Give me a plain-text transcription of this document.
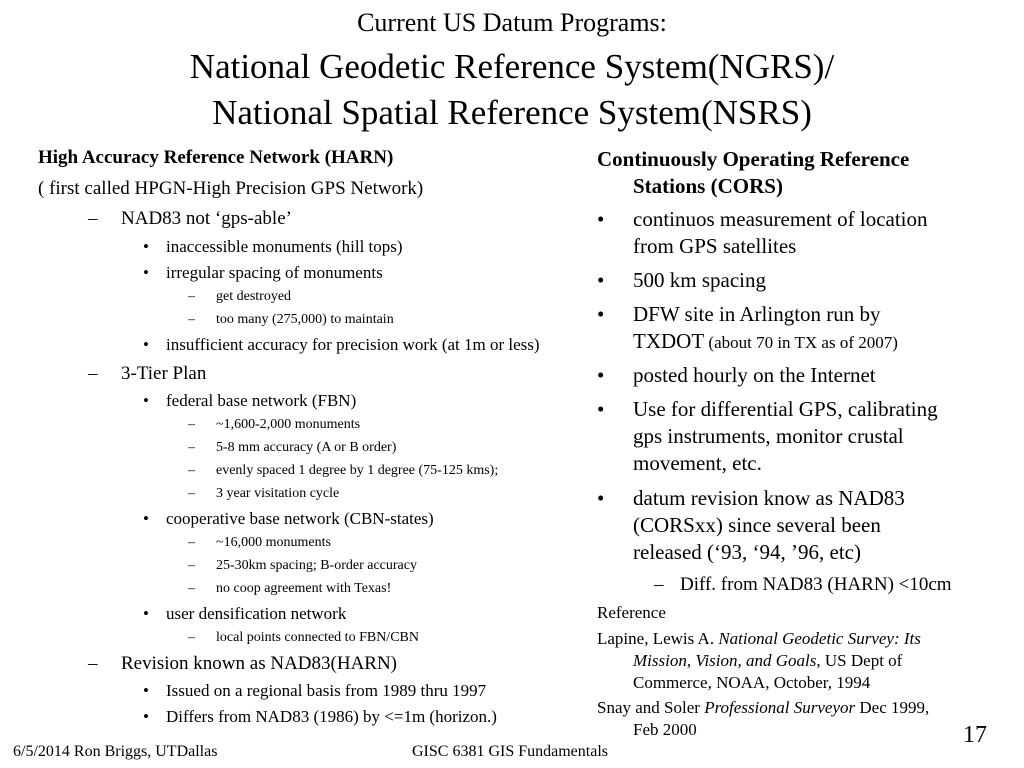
Current US Datum Programs:
National Geodetic Reference System(NGRS)/
National Spatial Reference System(NSRS)
High Accuracy Reference Network (HARN)
( first called HPGN-High Precision GPS Network)
– NAD83 not ‘gps-able’
• inaccessible monuments (hill tops)
• irregular spacing of monuments
– get destroyed
– too many (275,000) to maintain
• insufficient accuracy for precision work (at 1m or less)
– 3-Tier Plan
• federal base network (FBN)
– ~1,600-2,000 monuments
– 5-8 mm accuracy (A or B order)
– evenly spaced 1 degree by 1 degree (75-125 kms);
– 3 year visitation cycle
• cooperative base network (CBN-states)
– ~16,000 monuments
– 25-30km spacing; B-order accuracy
– no coop agreement with Texas!
• user densification network
– local points connected to FBN/CBN
– Revision known as NAD83(HARN)
• Issued on a regional basis from 1989 thru 1997
• Differs from NAD83 (1986) by <=1m (horizon.)
Continuously Operating Reference
Stations (CORS)
• continuos measurement of location
from GPS satellites
• 500 km spacing
• DFW site in Arlington run by
TXDOT (about 70 in TX as of 2007)
• posted hourly on the Internet
• Use for differential GPS, calibrating
gps instruments, monitor crustal
movement, etc.
• datum revision know as NAD83
(CORSxx) since several been
released (‘93, ‘94, ’96, etc)
– Diff. from NAD83 (HARN) <10cm
Reference
Lapine, Lewis A. National Geodetic Survey: Its
Mission, Vision, and Goals, US Dept of
Commerce, NOAA, October, 1994
Snay and Soler Professional Surveyor Dec 1999,
Feb 2000
6/5/2014 Ron Briggs, UTDallas	GISC 6381 GIS Fundamentals
17
